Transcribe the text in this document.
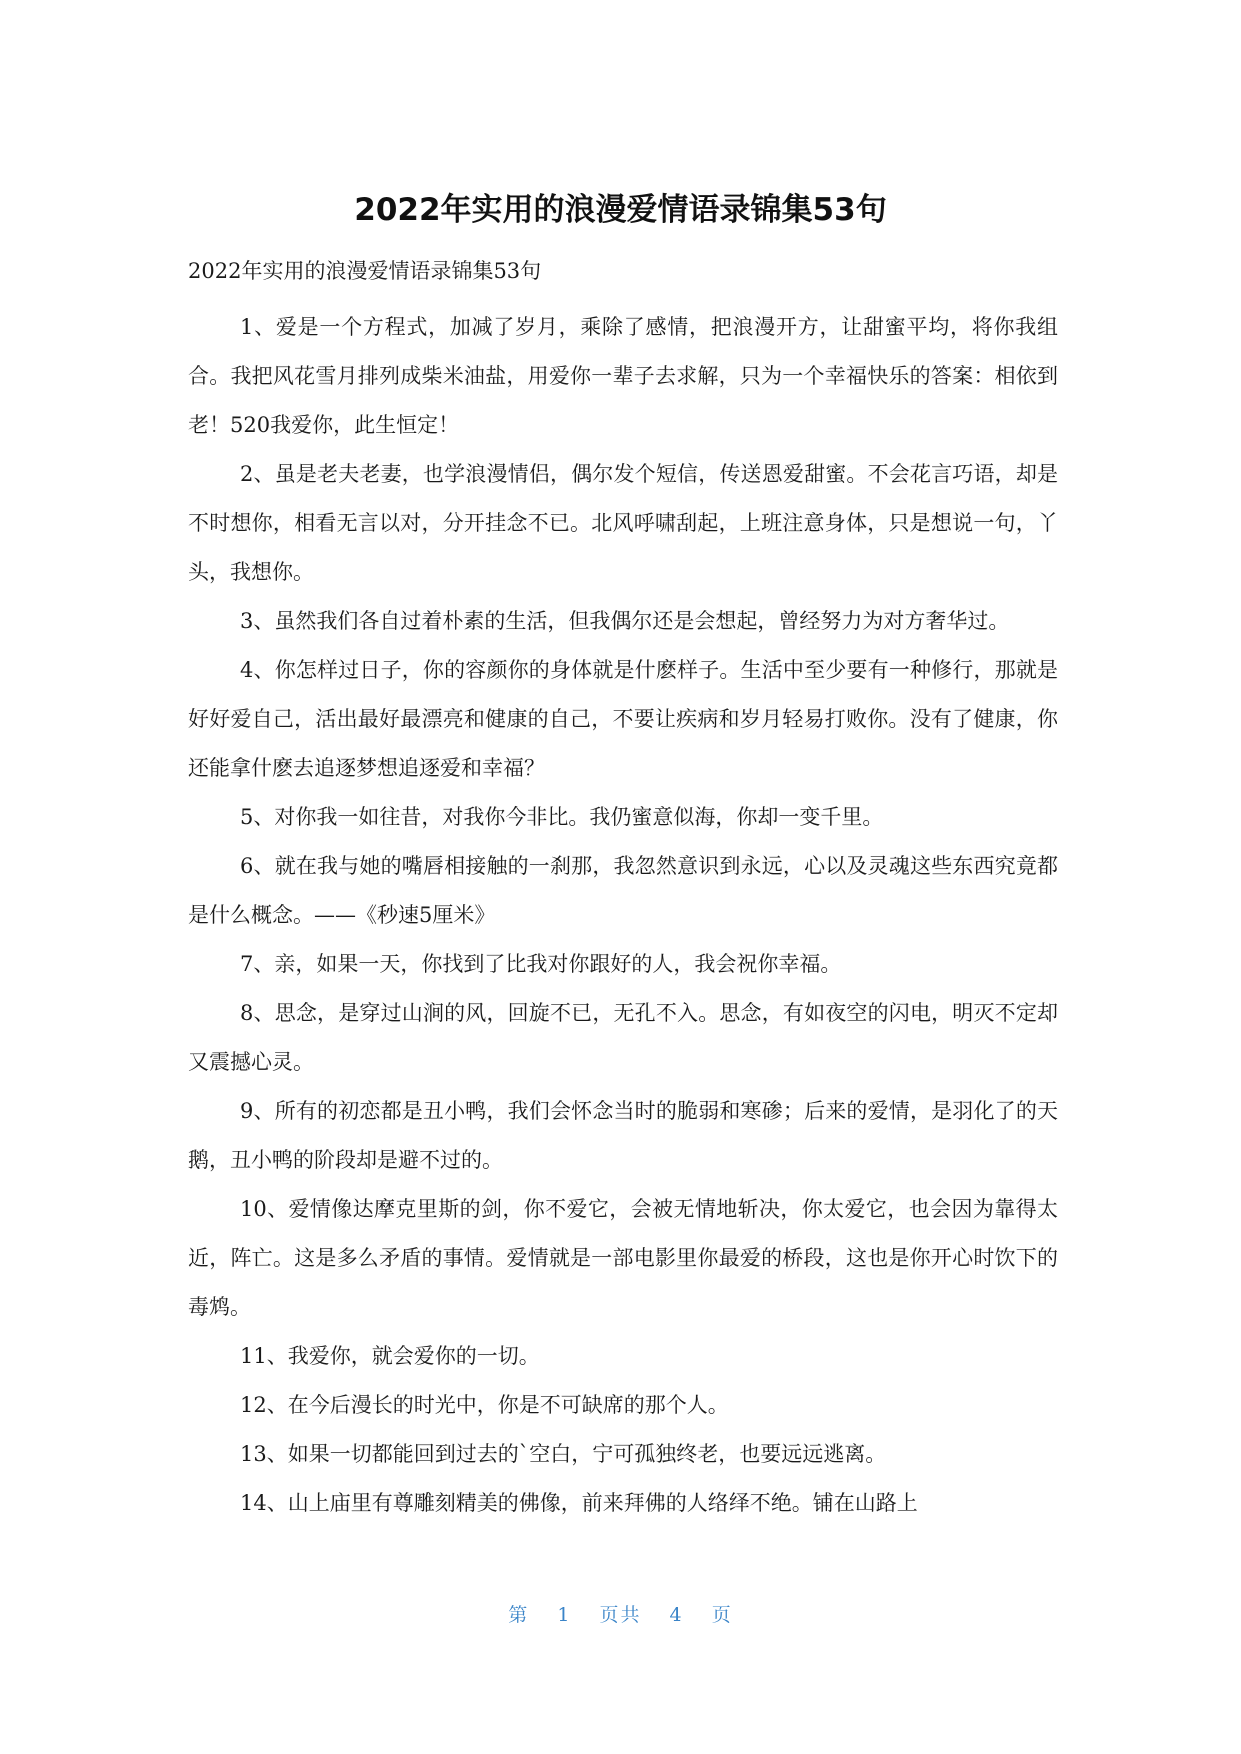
2022年实用的浪漫爱情语录锦集53句

2022年实用的浪漫爱情语录锦集53句

1、爱是一个方程式，加减了岁月，乘除了感情，把浪漫开方，让甜蜜平均，将你我组合。我把风花雪月排列成柴米油盐，用爱你一辈子去求解，只为一个幸福快乐的答案：相依到老！520我爱你，此生恒定！

2、虽是老夫老妻，也学浪漫情侣，偶尔发个短信，传送恩爱甜蜜。不会花言巧语，却是不时想你，相看无言以对，分开挂念不已。北风呼啸刮起，上班注意身体，只是想说一句，丫头，我想你。

3、虽然我们各自过着朴素的生活，但我偶尔还是会想起，曾经努力为对方奢华过。

4、你怎样过日子，你的容颜你的身体就是什麽样子。生活中至少要有一种修行，那就是好好爱自己，活出最好最漂亮和健康的自己，不要让疾病和岁月轻易打败你。没有了健康，你还能拿什麽去追逐梦想追逐爱和幸福？

5、对你我一如往昔，对我你今非比。我仍蜜意似海，你却一变千里。

6、就在我与她的嘴唇相接触的一刹那，我忽然意识到永远，心以及灵魂这些东西究竟都是什么概念。——《秒速5厘米》

7、亲，如果一天，你找到了比我对你跟好的人，我会祝你幸福。

8、思念，是穿过山涧的风，回旋不已，无孔不入。思念，有如夜空的闪电，明灭不定却又震撼心灵。

9、所有的初恋都是丑小鸭，我们会怀念当时的脆弱和寒碜；后来的爱情，是羽化了的天鹅，丑小鸭的阶段却是避不过的。

10、爱情像达摩克里斯的剑，你不爱它，会被无情地斩决，你太爱它，也会因为靠得太近，阵亡。这是多么矛盾的事情。爱情就是一部电影里你最爱的桥段，这也是你开心时饮下的毒鸩。

11、我爱你，就会爱你的一切。

12、在今后漫长的时光中，你是不可缺席的那个人。

13、如果一切都能回到过去的`空白，宁可孤独终老，也要远远逃离。

14、山上庙里有尊雕刻精美的佛像，前来拜佛的人络绎不绝。铺在山路上

第 1 页共 4 页
